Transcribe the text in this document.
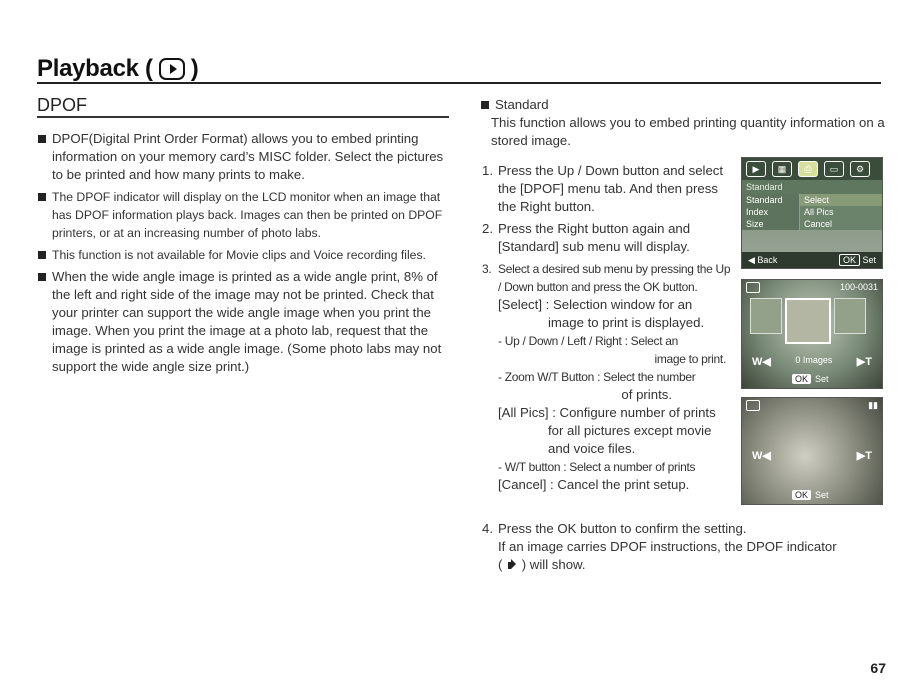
Playback ( )
DPOF
DPOF(Digital Print Order Format) allows you to embed printing information on your memory card’s MISC folder. Select the pictures to be printed and how many prints to make.
The DPOF indicator will display on the LCD monitor when an image that has DPOF information plays back. Images can then be printed on DPOF printers, or at an increasing number of photo labs.
This function is not available for Movie clips and Voice recording files.
When the wide angle image is printed as a wide angle print, 8% of the left and right side of the image may not be printed. Check that your printer can support the wide angle image when you print the image. When you print the image at a photo lab, request that the image is printed as a wide angle image. (Some photo labs may not support the wide angle size print.)
Standard
This function allows you to embed printing quantity information on a stored image.
1. Press the Up / Down button and select the [DPOF] menu tab. And then press the Right button.
2. Press the Right button again and [Standard] sub menu will display.
3. Select a desired sub menu by pressing the Up / Down button and press the OK button.
[Select] : Selection window for an
image to print is displayed.
- Up / Down / Left / Right : Select an
image to print.
- Zoom W/T Button : Select the number
of prints.
[All Pics] : Configure number of prints
for all pictures except movie
and voice files.
- W/T button : Select a number of prints
[Cancel] : Cancel the print setup.
4. Press the OK button to confirm the setting.
If an image carries DPOF instructions, the DPOF indicator
( ) will show.
▶	▦	⎙	▭	⚙
Standard
Standard	Select
Index	All Pics
Size	Cancel
◀ Back	OK Set
100-0031
W◀	0 Images ▶T
OK Set
▮▮
W◀	▶T
OK Set
67
